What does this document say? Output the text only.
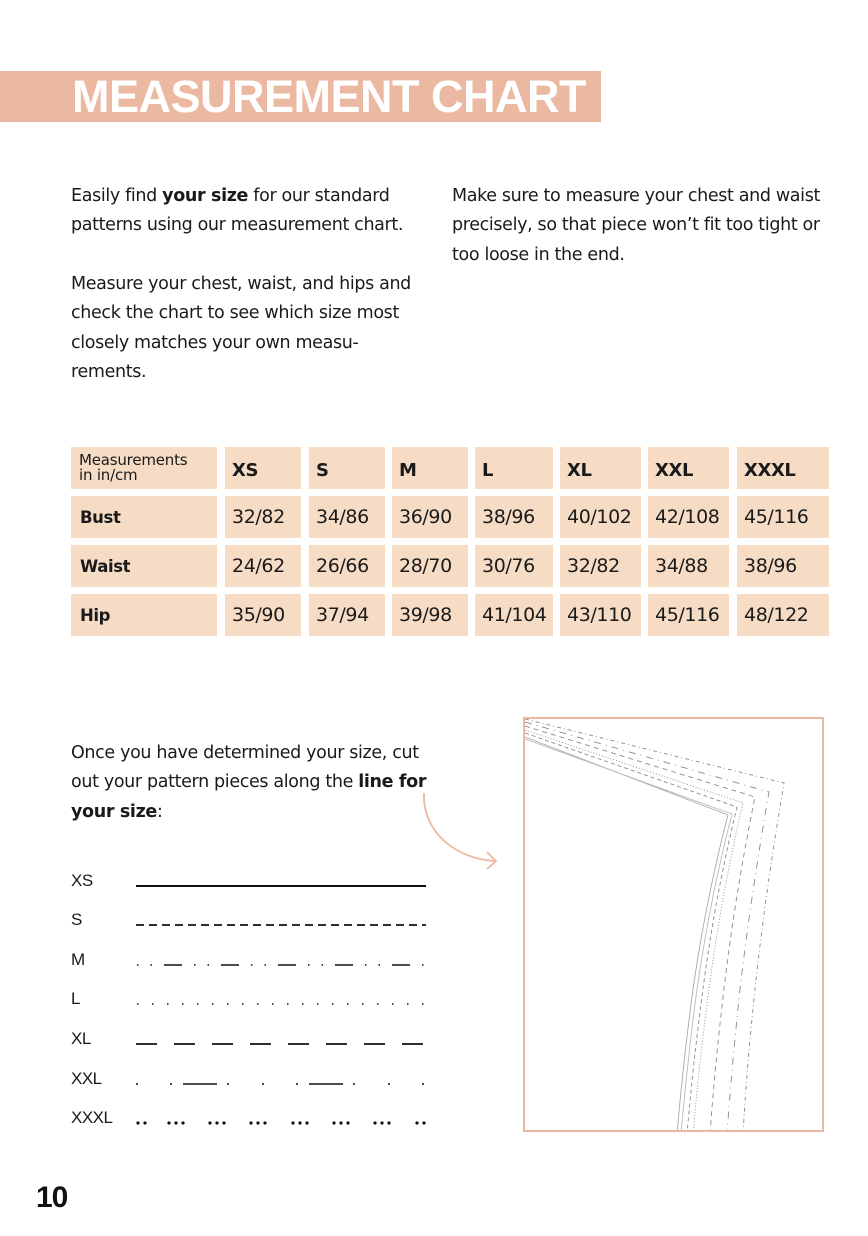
MEASUREMENT CHART

Easily find your size for our standard patterns using our measurement chart.

Measure your chest, waist, and hips and check the chart to see which size most closely matches your own measu-rements.

Make sure to measure your chest and waist precisely, so that piece won’t fit too tight or too loose in the end.

Measurements
in in/cm	XS	S	M	L	XL	XXL	XXXL
Bust	32/82	34/86	36/90	38/96	40/102	42/108	45/116
Waist	24/62	26/66	28/70	30/76	32/82	34/88	38/96
Hip	35/90	37/94	39/98	41/104	43/110	45/116	48/122

Once you have determined your size, cut out your pattern pieces along the line for your size:

XS
S
M
L
XL
XXL
XXXL
10
